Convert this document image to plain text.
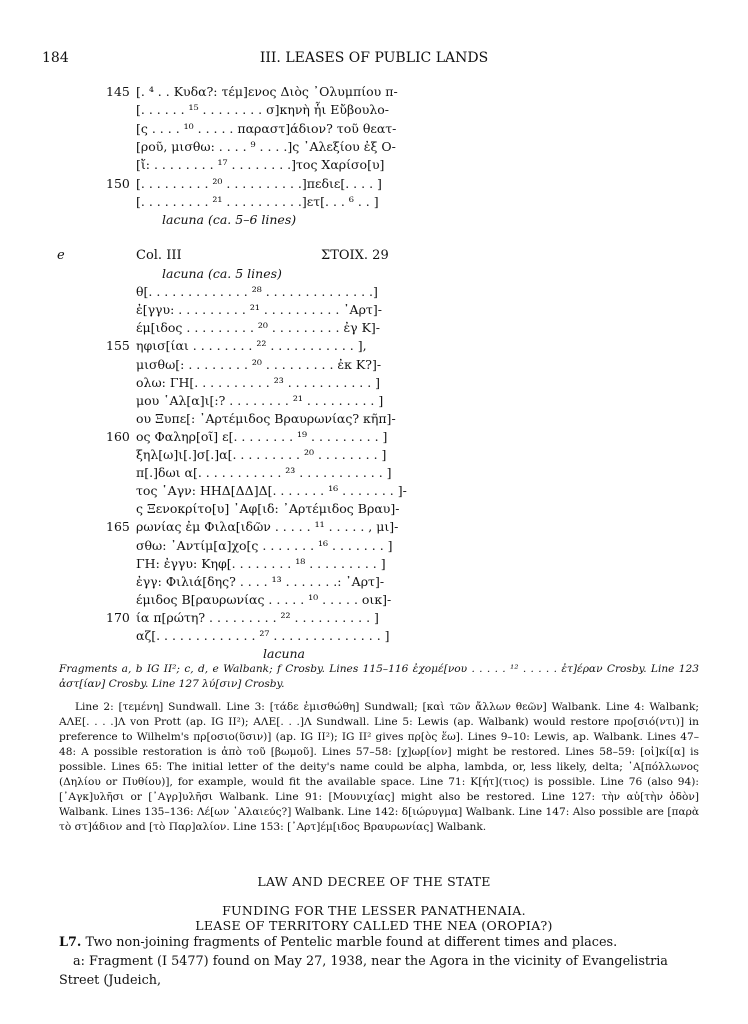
184	III. LEASES OF PUBLIC LANDS
145 [. ⁴ . . Κυδα?: τέμ]ενος Διὸς ᾿Ολυμπίου π-
[. . . . . . ¹⁵ . . . . . . . . σ]κηνὴ ἧι Εὔβουλο-
[ς . . . . ¹⁰ . . . . . παραστ]άδιον? τοῦ θεατ-
[ροῦ, μισθω: . . . . ⁹ . . . .]ς ᾿Αλεξίου ἐξ Ο-
[ἴ: . . . . . . . . ¹⁷ . . . . . . . .]τος Χαρίσο[υ]
150 [. . . . . . . . . ²⁰ . . . . . . . . . .]πεδιε[. . . . ]
[. . . . . . . . . ²¹ . . . . . . . . . .]ετ[. . . ⁶ . . ]
lacuna (ca. 5–6 lines)
e	Col. III	ΣΤΟΙΧ. 29
lacuna (ca. 5 lines)
θ[. . . . . . . . . . . . . ²⁸ . . . . . . . . . . . . . .]
ἐ[γγυ: . . . . . . . . . ²¹ . . . . . . . . . . ᾿Αρτ]-
έμ[ιδος . . . . . . . . . ²⁰ . . . . . . . . . ἐγ Κ]-
155 ηφισ[ίαι . . . . . . . . ²² . . . . . . . . . . . ],
μισθω[: . . . . . . . . ²⁰ . . . . . . . . . ἐκ Κ?]-
ολω: ΓΗ[. . . . . . . . . . ²³ . . . . . . . . . . . ]
μου ῾Αλ[α]ι[:? . . . . . . . . ²¹ . . . . . . . . . ]
ου Ξυπε[: ᾿Αρτέμιδος Βραυρωνίας? κῆπ]-
160 ος Φαληρ[οῖ] ε[. . . . . . . . ¹⁹ . . . . . . . . . ]
ξηλ[ω]ι[.]σ[.]α[. . . . . . . . . ²⁰ . . . . . . . . ]
π[.]δωι α[. . . . . . . . . . . ²³ . . . . . . . . . . . ]
τος ῾Αγν: ΗΗΔ[ΔΔ]Δ[. . . . . . . ¹⁶ . . . . . . . ]-
ς Ξενοκρίτο[υ] ᾿Αφ[ιδ: ᾿Αρτέμιδος Βραυ]-
165 ρωνίας ἐμ Φιλα[ιδῶν . . . . . ¹¹ . . . . . , μι]-
σθω: ᾿Αντίμ[α]χο[ς . . . . . . . ¹⁶ . . . . . . . ]
ΓΗ: ἐγγυ: Κηφ[. . . . . . . . ¹⁸ . . . . . . . . . ]
ἐγγ: Φιλιά[δης? . . . . ¹³ . . . . . . .: ᾿Αρτ]-
έμιδος Β[ραυρωνίας . . . . . ¹⁰ . . . . . οικ]-
170 ία π[ρώτη? . . . . . . . . . ²² . . . . . . . . . . ]
αζ[. . . . . . . . . . . . . ²⁷ . . . . . . . . . . . . . . ]
lacuna

Fragments a, b IG II²; c, d, e Walbank; f Crosby. Lines 115–116 ἐχομέ[νου . . . . . ¹² . . . . . ἐτ]έραν Crosby. Line 123 ἀστ[ίαν] Crosby. Line 127 λύ[σιν] Crosby.

Line 2: [τεμένη] Sundwall. Line 3: [τάδε ἐμισθώθη] Sundwall; [καὶ τῶν ἄλλων θεῶν] Walbank. Line 4: Walbank; ΑΛΕ[. . . .]Λ von Prott (ap. IG II²); ΑΛΕ[. . .]Λ Sundwall. Line 5: Lewis (ap. Walbank) would restore προ[σιό(ντι)] in preference to Wilhelm's πρ[οσιο(ῦσιν)] (ap. IG II²); IG II² gives πρ[ὸς ἕω]. Lines 9–10: Lewis, ap. Walbank. Lines 47–48: A possible restoration is ἀπὸ τοῦ [βωμοῦ]. Lines 57–58: [χ]ωρ[ίον] might be restored. Lines 58–59: [οἰ]κί[α] is possible. Lines 65: The initial letter of the deity's name could be alpha, lambda, or, less likely, delta; ᾿Α[πόλλωνος (Δηλίου or Πυθίου)], for example, would fit the available space. Line 71: Κ[ήτ](τιος) is possible. Line 76 (also 94): [᾿Αγκ]υλῆσι or [᾿Αγρ]υλῆσι Walbank. Line 91: [Μουνιχίας] might also be restored. Line 127: τὴν αὐ[τὴν ὁδὸν] Walbank. Lines 135–136: Λέ[ων ῾Αλαιεύς?] Walbank. Line 142: δ[ιώρυγμα] Walbank. Line 147: Also possible are [παρὰ τὸ στ]άδιον and [τὸ Παρ]αλίον. Line 153: [᾿Αρτ]έμ[ιδος Βραυρωνίας] Walbank.

LAW AND DECREE OF THE STATE
FUNDING FOR THE LESSER PANATHENAIA.
LEASE OF TERRITORY CALLED THE NEA (OROPIA?)

L7. Two non-joining fragments of Pentelic marble found at different times and places.

a: Fragment (I 5477) found on May 27, 1938, near the Agora in the vicinity of Evangelistria Street (Judeich,
